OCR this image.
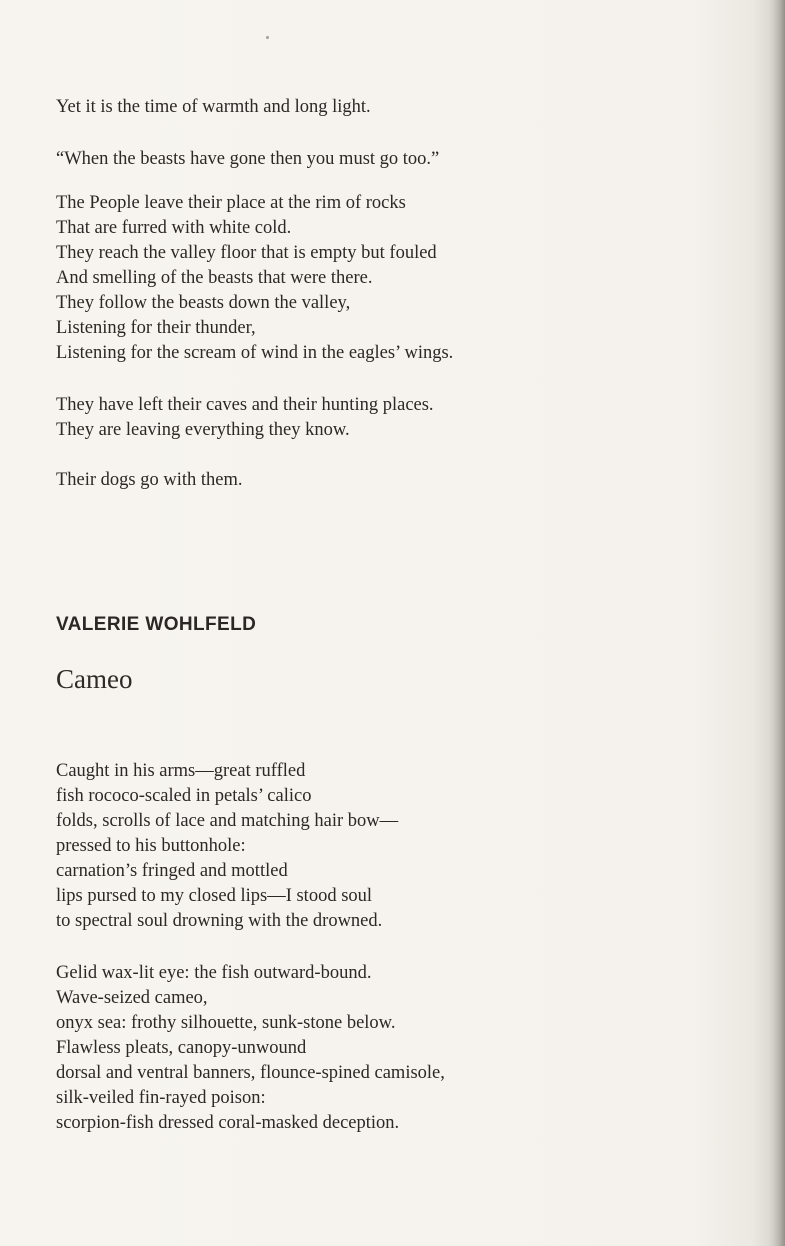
Yet it is the time of warmth and long light.
“When the beasts have gone then you must go too.”
The People leave their place at the rim of rocks
That are furred with white cold.
They reach the valley floor that is empty but fouled
And smelling of the beasts that were there.
They follow the beasts down the valley,
Listening for their thunder,
Listening for the scream of wind in the eagles’ wings.
They have left their caves and their hunting places.
They are leaving everything they know.
Their dogs go with them.
VALERIE WOHLFELD
Cameo
Caught in his arms—great ruffled
fish rococo-scaled in petals’ calico
folds, scrolls of lace and matching hair bow—
pressed to his buttonhole:
carnation’s fringed and mottled
lips pursed to my closed lips—I stood soul
to spectral soul drowning with the drowned.
Gelid wax-lit eye: the fish outward-bound.
Wave-seized cameo,
onyx sea: frothy silhouette, sunk-stone below.
Flawless pleats, canopy-unwound
dorsal and ventral banners, flounce-spined camisole,
silk-veiled fin-rayed poison:
scorpion-fish dressed coral-masked deception.
